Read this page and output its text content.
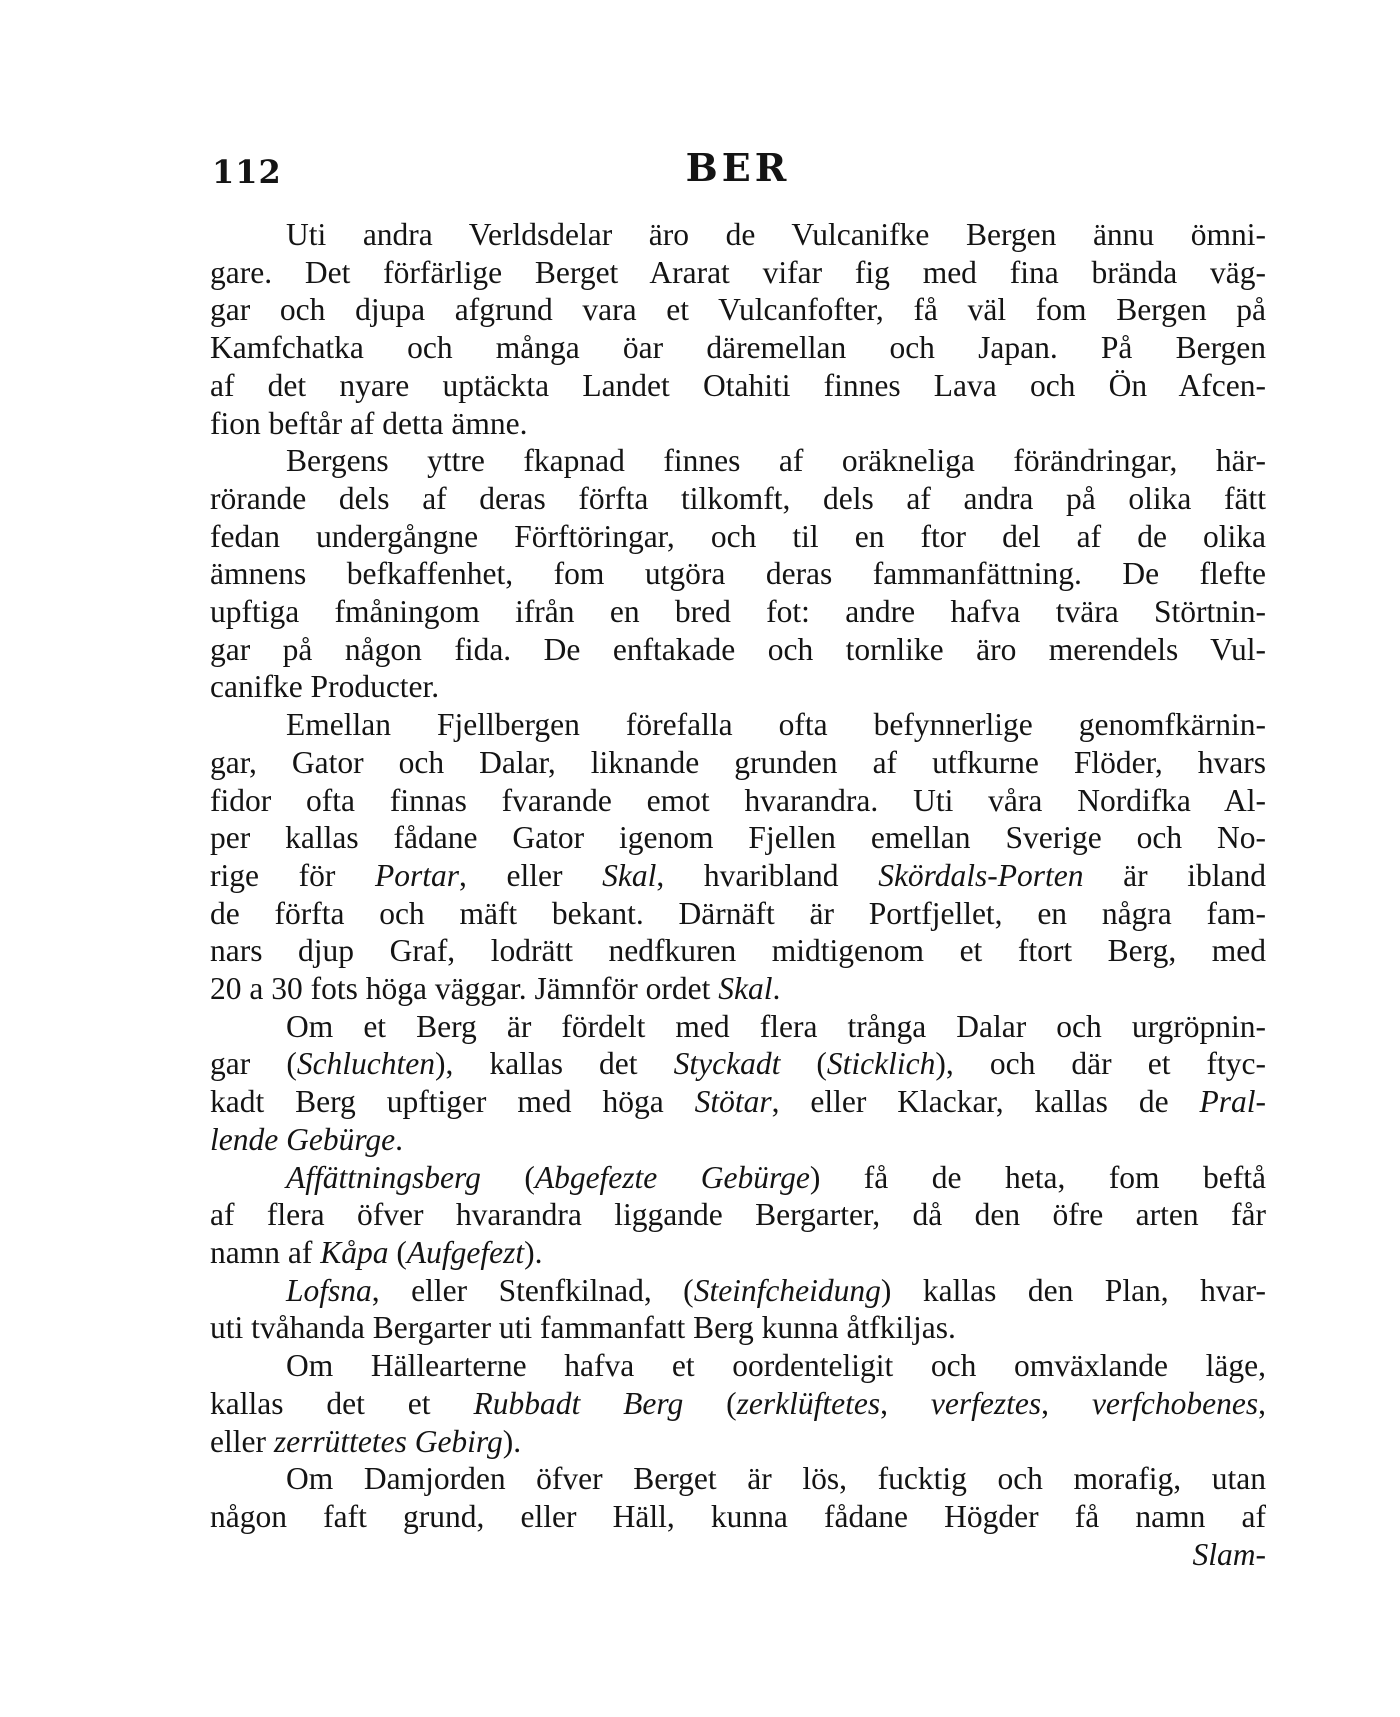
112	BER
Uti andra Verldsdelar äro de Vulcanifke Bergen ännu ömni-
gare. Det förfärlige Berget Ararat vifar fig med fina brända väg-
gar och djupa afgrund vara et Vulcanfofter, få väl fom Bergen på
Kamfchatka och många öar däremellan och Japan. På Bergen
af det nyare uptäckta Landet Otahiti finnes Lava och Ön Afcen-
fion beftår af detta ämne.
Bergens yttre fkapnad finnes af oräkneliga förändringar, här-
rörande dels af deras förfta tilkomft, dels af andra på olika fätt
fedan undergångne Förftöringar, och til en ftor del af de olika
ämnens befkaffenhet, fom utgöra deras fammanfättning. De flefte
upftiga fmåningom ifrån en bred fot: andre hafva tvära Störtnin-
gar på någon fida. De enftakade och tornlike äro merendels Vul-
canifke Producter.
Emellan Fjellbergen förefalla ofta befynnerlige genomfkärnin-
gar, Gator och Dalar, liknande grunden af utfkurne Flöder, hvars
fidor ofta finnas fvarande emot hvarandra. Uti våra Nordifka Al-
per kallas fådane Gator igenom Fjellen emellan Sverige och No-
rige för Portar, eller Skal, hvaribland Skördals-Porten är ibland
de förfta och mäft bekant. Därnäft är Portfjellet, en några fam-
nars djup Graf, lodrätt nedfkuren midtigenom et ftort Berg, med
20 a 30 fots höga väggar. Jämnför ordet Skal.
Om et Berg är fördelt med flera trånga Dalar och urgröpnin-
gar (Schluchten), kallas det Styckadt (Sticklich), och där et ftyc-
kadt Berg upftiger med höga Stötar, eller Klackar, kallas de Pral-
lende Gebürge.
Affättningsberg (Abgefezte Gebürge) få de heta, fom beftå
af flera öfver hvarandra liggande Bergarter, då den öfre arten får
namn af Kåpa (Aufgefezt).
Lofsna, eller Stenfkilnad, (Steinfcheidung) kallas den Plan, hvar-
uti tvåhanda Bergarter uti fammanfatt Berg kunna åtfkiljas.
Om Hällearterne hafva et oordenteligit och omväxlande läge,
kallas det et Rubbadt Berg (zerklüftetes, verfeztes, verfchobenes,
eller zerrüttetes Gebirg).
Om Damjorden öfver Berget är lös, fucktig och morafig, utan
någon faft grund, eller Häll, kunna fådane Högder få namn af
Slam-
